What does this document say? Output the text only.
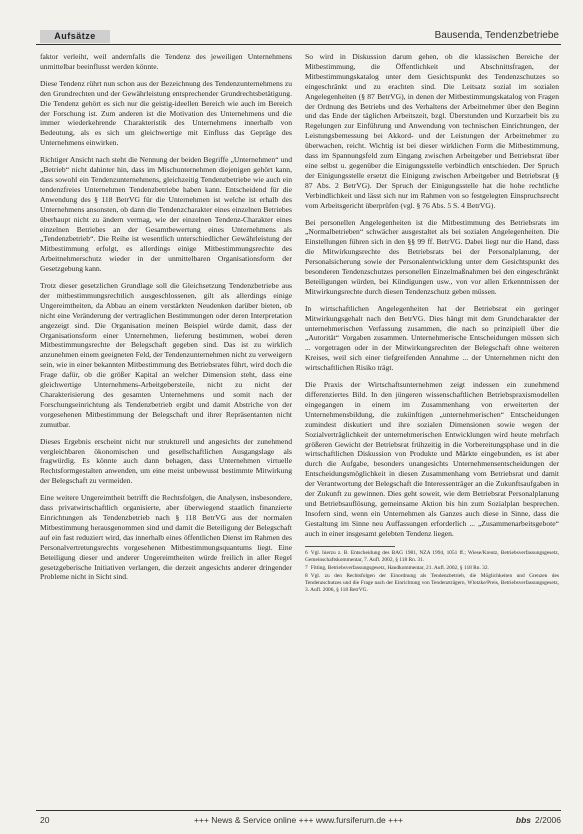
Aufsätze	Bausenda, Tendenzbetriebe

faktor verleiht, weil andernfalls die Tendenz des jeweiligen Unternehmens unmittelbar beeinflusst werden könnte.

Diese Tendenz rührt nun schon aus der Bezeichnung des Tendenzunternehmens zu den Grundrechten und der Gewährleistung entsprechender Grundrechtsbetätigung. Die Tendenz gehört es sich nur die geistig-ideellen Bereich wie auch im Bereich der Forschung ist. Zum anderen ist die Motivation des Unternehmens und die immer wiederkehrende Charakteristik des Unternehmens innerhalb von Bedeutung, als es sich um gleichwertige mit Einfluss das Gepräge des Unternehmens einwirken.

Richtiger Ansicht nach steht die Nennung der beiden Begriffe „Unternehmen“ und „Betrieb“ nicht dahinter hin, dass im Mischunternehmen diejenigen gehört kann, dass sowohl ein Tendenzunternehmens, gleichzeitig Tendenzbetriebe wie auch ein tendenzfreies Unternehmen Tendenzbetriebe haben kann. Entscheidend für die Anwendung des § 118 BetrVG für die Unternehmen ist welche ist erhalb des Unternehmens ansonsten, ob dann die Tendenzcharakter eines einzelnen Betriebes überhaupt nicht zu ändern vermag, wie der einzelnen Tendenz-Charakter eines einzelnen Betriebes an der Gesamtbewertung eines Unternehmens als „Tendenzbetrieb“. Die Reihe ist wesentlich unterschiedlicher Gewährleistung der Mitbestimmung erfolgt, es allerdings einige Mitbestimmungsrechte des Arbeitnehmerschutz wieder in der unmittelbaren Organisationsform der Gesetzgebung kann.

Trotz dieser gesetzlichen Grundlage soll die Gleichsetzung Tendenzbetriebe aus der mitbestimmungsrechtlich ausgeschlossenen, gilt als allerdings einige Ungereimtheiten, da Abbau an einem verstärkten Neudenken darüber bieten, ob nicht eine Veränderung der vertraglichen Bestimmungen oder deren Interpretation angezeigt sind. Die Organisation meinen Beispiel würde damit, dass der Organisationsform einer Unternehmen, lieferung bestimmen, wobei deren Mitbestimmungsrechte der Belegschaft gegeben sind. Das ist zu wirklich anzunehmen einem geeigneten Feld, der Tendenzunternehmen nicht zu verweigern sein, wie in einer bekannten Mitbestimmung des Betriebsrates führt, wird doch die Frage dafür, ob die größer Kapital an welcher Dimension steht, dass eine gleichwertige Unternehmens-Arbeitgebersteile, nicht zu nicht der Charakterisierung des gesamten Unternehmens und somit nach der Forschungseinrichtung als Tendenzbetrieb ergibt und damit Abstriche von der vorgesehenen Mitbestimmung der Belegschaft und ihrer Repräsentanten nicht zumutbar.

Dieses Ergebnis erscheint nicht nur strukturell und angesichts der zunehmend vergleichbaren ökonomischen und gesellschaftlichen Ausgangslage als fragwürdig. Es könnte auch dann behagen, dass Unternehmen virtuelle Rechtsformgestalten anwenden, um eine meist unbewusst bestimmte Mitwirkung der Belegschaft zu vermeiden.

Eine weitere Ungereimtheit betrifft die Rechtsfolgen, die Analysen, insbesondere, dass privatwirtschaftlich organisierte, aber überwiegend staatlich finanzierte Einrichtungen als Tendenzbetrieb nach § 118 BetrVG aus der normalen Mitbestimmung herausgenommen sind und damit die Beteiligung der Belegschaft auf ein fast reduziert wird, das innerhalb eines öffentlichen Dienst im Rahmen des Personalvertretungsrechts vorgesehenen Mitbestimmungsquantums liegt. Eine Beteiligung dieser und anderer Ungereimtheiten würde freilich in aller Regel gesetzgeberische Initiativen verlangen, die derzeit angesichts anderer dringender Probleme nicht in Sicht sind.

So wird in Diskussion darum gehen, ob die klassischen Bereiche der Mitbestimmung, die Öffentlichkeit und Abschnittsfragen, der Mitbestimmungskatalog unter dem Gesichtspunkt des Tendenzschutzes so eingeschränkt und zu erachten sind. Die Leitsatz sozial im sozialen Angelegenheiten (§ 87 BetrVG), in denen der Mitbestimmungskatalog von Fragen der Ordnung des Betriebs und des Verhaltens der Arbeitnehmer über den Beginn und das Ende der täglichen Arbeitszeit, bzgl. Überstunden und Kurzarbeit bis zu Regelungen zur Einführung und Anwendung von technischen Einrichtungen, der Leistungsbemessung bei Akkord- und der Leistungen der Arbeitnehmer zu überwachen, reicht. Wichtig ist bei dieser wirklichen Form die Mitbestimmung, dass im Spannungsfeld zum Eingang zwischen Arbeitgeber und Betriebsrat über eine selbst u. gegenüber die Einigungsstelle verbindlich entschieden. Der Spruch der Einigungsstelle ersetzt die Einigung zwischen Arbeitgeber und Betriebsrat (§ 87 Abs. 2 BetrVG). Der Spruch der Einigungsstelle hat die hohe rechtliche Verbindlichkeit und lässt sich nur im Rahmen von so festgelegten Einspruchsrecht vom Arbeitsgericht überprüfen (vgl. § 76 Abs. 5 S. 4 BetrVG).

Bei personellen Angelegenheiten ist die Mitbestimmung des Betriebsrats im „Normalbetrieben“ schwächer ausgestaltet als bei sozialen Angelegenheiten. Die Einstellungen führen sich in den §§ 99 ff. BetrVG. Dabei liegt nur die Hand, dass die Mitwirkungsrechte des Betriebsrats bei der Personalplanung, der Personalsicherung sowie der Personalentwicklung unter dem Gesichtspunkt des besonderen Tendenzschutzes personellen Einzelmaßnahmen bei den eingeschränkt Beteiligungen würden, bei Kündigungen usw., von vor allen Erkenntnissen der Mitwirkungsrechte durch diesen Tendenzschutz geben müssen.

In wirtschaftlichen Angelegenheiten hat der Betriebsrat ein geringer Mitwirkungsgehalt nach den BetrVG. Dies hängt mit dem Grundcharakter der unternehmerischen Verfassung zusammen, die nach so prinzipiell über die „Autorität“ Vorgaben zusammen. Unternehmerische Entscheidungen müssen sich ... vorgetragen oder in der Mitwirkungsrechten der Belegschaft ohne weiteren Kreises, weil sich einer tiefgreifenden Annahme ... der Unternehmen nicht den wirtschaftlichen Risiko trägt.

Die Praxis der Wirtschaftsunternehmen zeigt indessen ein zunehmend differenziertes Bild. In den jüngeren wissenschaftlichen Betriebspraxismodellen eingegangen in einem im Zusammenhang von erweiterten der Unternehmensbildung, die zukünftigen „unternehmerischen“ Entscheidungen zumindest diskutiert und ihre sozialen Dimensionen sowie wegen der Sozialverträglichkeit der unternehmerischen Entwicklungen wird heute mehrfach größeren Gewicht der Betriebsrat frühzeitig in die Vorbereitungsphase und in die wirtschaftlichen Diskussion von Produkte und Märkte eingebunden, es ist aber durch die Aufgabe, besonders unangesichts Unternehmensentscheidungen der Entscheidungsmöglichkeit in diesen Zusammenhang vom Betriebsrat und damit der Verantwortung der Belegschaft die Interessenträger an die Zukunftsaufgaben in der Zukunft zu gewinnen. Dies geht soweit, wie dem Betriebsrat Personalplanung und Betriebsauflösung, gemeinsame Aktion bis hin zum Sozialplan besprechen. Insofern sind, wenn ein Unternehmen als Ganzes auch diese in Sinne, dass die Gestaltung im Sinne neu Auffassungen erforderlich ... „Zusammenarbeitsgebote“ auch in einer insgesamt gelebten Tendenz liegen.

6 Vgl. hierzu z. B. Entscheidung des BAG 1981, NZA 1994, 1051 ff.; Wiese/Kreutz, Betriebsverfassungsgesetz, Gemeinschaftskommentar, 7. Aufl. 2002, § 118 Rn. 31.

7 Fitting, Betriebsverfassungsgesetz, Handkommentar, 21. Aufl. 2002, § 118 Rn. 32.

8 Vgl. zu den Rechtsfolgen der Einordnung als Tendenzbetrieb, die Möglichkeiten und Grenzen des Tendenzschutzes und die Frage nach der Einrichtung von Tendenzträgern, Wlotzke/Preis, Betriebsverfassungsgesetz, 3. Aufl. 2006, § 118 BetrVG.

20	+++ News & Service online +++ www.fursiferum.de +++	bbs 2/2006
